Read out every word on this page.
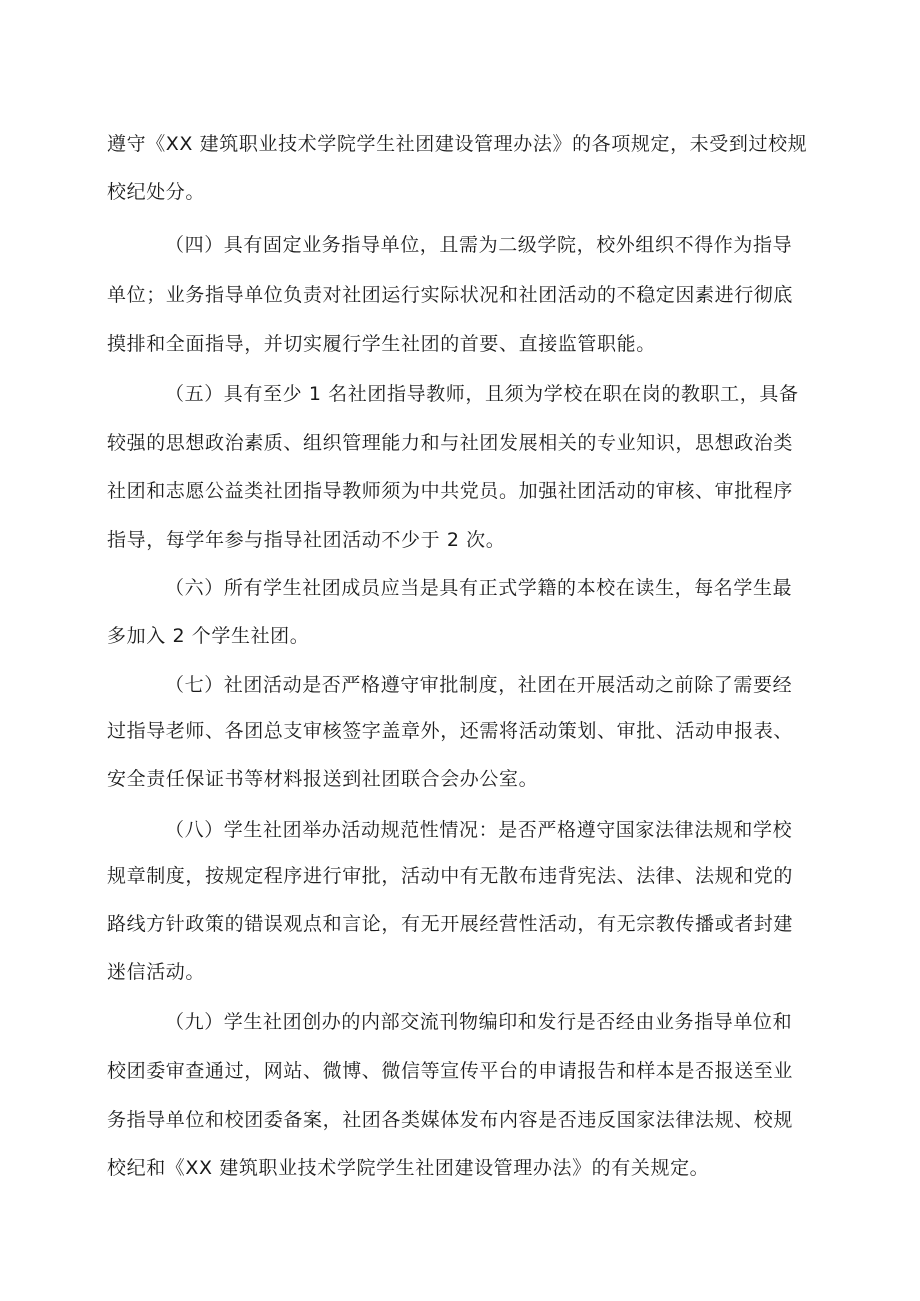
遵守《XX 建筑职业技术学院学生社团建设管理办法》的各项规定，未受到过校规
校纪处分。
（四）具有固定业务指导单位，且需为二级学院，校外组织不得作为指导
单位；业务指导单位负责对社团运行实际状况和社团活动的不稳定因素进行彻底
摸排和全面指导，并切实履行学生社团的首要、直接监管职能。
（五）具有至少 1 名社团指导教师，且须为学校在职在岗的教职工，具备
较强的思想政治素质、组织管理能力和与社团发展相关的专业知识，思想政治类
社团和志愿公益类社团指导教师须为中共党员。加强社团活动的审核、审批程序
指导，每学年参与指导社团活动不少于 2 次。
（六）所有学生社团成员应当是具有正式学籍的本校在读生，每名学生最
多加入 2 个学生社团。
（七）社团活动是否严格遵守审批制度，社团在开展活动之前除了需要经
过指导老师、各团总支审核签字盖章外，还需将活动策划、审批、活动申报表、
安全责任保证书等材料报送到社团联合会办公室。
（八）学生社团举办活动规范性情况：是否严格遵守国家法律法规和学校
规章制度，按规定程序进行审批，活动中有无散布违背宪法、法律、法规和党的
路线方针政策的错误观点和言论，有无开展经营性活动，有无宗教传播或者封建
迷信活动。
（九）学生社团创办的内部交流刊物编印和发行是否经由业务指导单位和
校团委审查通过，网站、微博、微信等宣传平台的申请报告和样本是否报送至业
务指导单位和校团委备案，社团各类媒体发布内容是否违反国家法律法规、校规
校纪和《XX 建筑职业技术学院学生社团建设管理办法》的有关规定。
